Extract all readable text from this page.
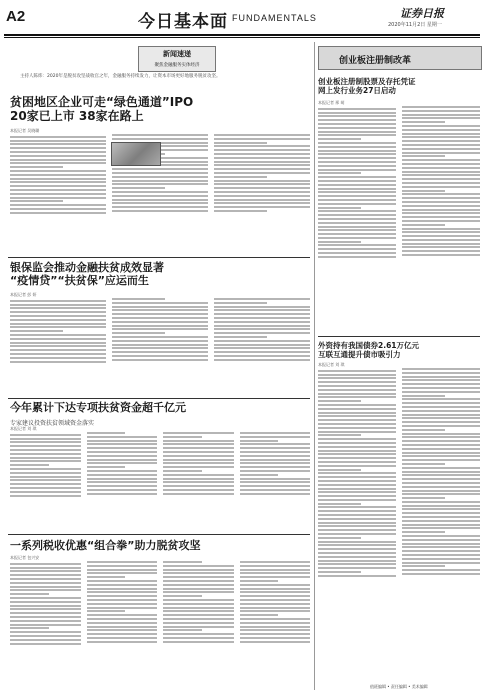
A2	今日基本面 FUNDAMENTALS	证券日报
2020年11月2日 星期一
新闻速递
聚焦金融服务实体经济
主持人陈炜：2020年是脱贫攻坚战收官之年，金融服务持续发力，让资本市场更好地服务脱贫攻坚。
创业板注册制改革
贫困地区企业可走“绿色通道”IPO
20家已上市 38家在路上
本报记者 吴晓璐
银保监会推动金融扶贫成效显著
“疫情贷”“扶贫保”应运而生
本报记者 彭 妍
今年累计下达专项扶贫资金超千亿元
专家建议投资扶贫领域资金落实
本报记者 刘 琪
一系列税收优惠“组合拳”助力脱贫攻坚
本报记者 包兴安
创业板注册制股票及存托凭证
网上发行业务27日启动
本报记者 邢 萌
外资持有我国债券2.61万亿元
互联互通提升债市吸引力
本报记者 刘 琪
值班编辑 • 责任编辑 • 美术编辑
